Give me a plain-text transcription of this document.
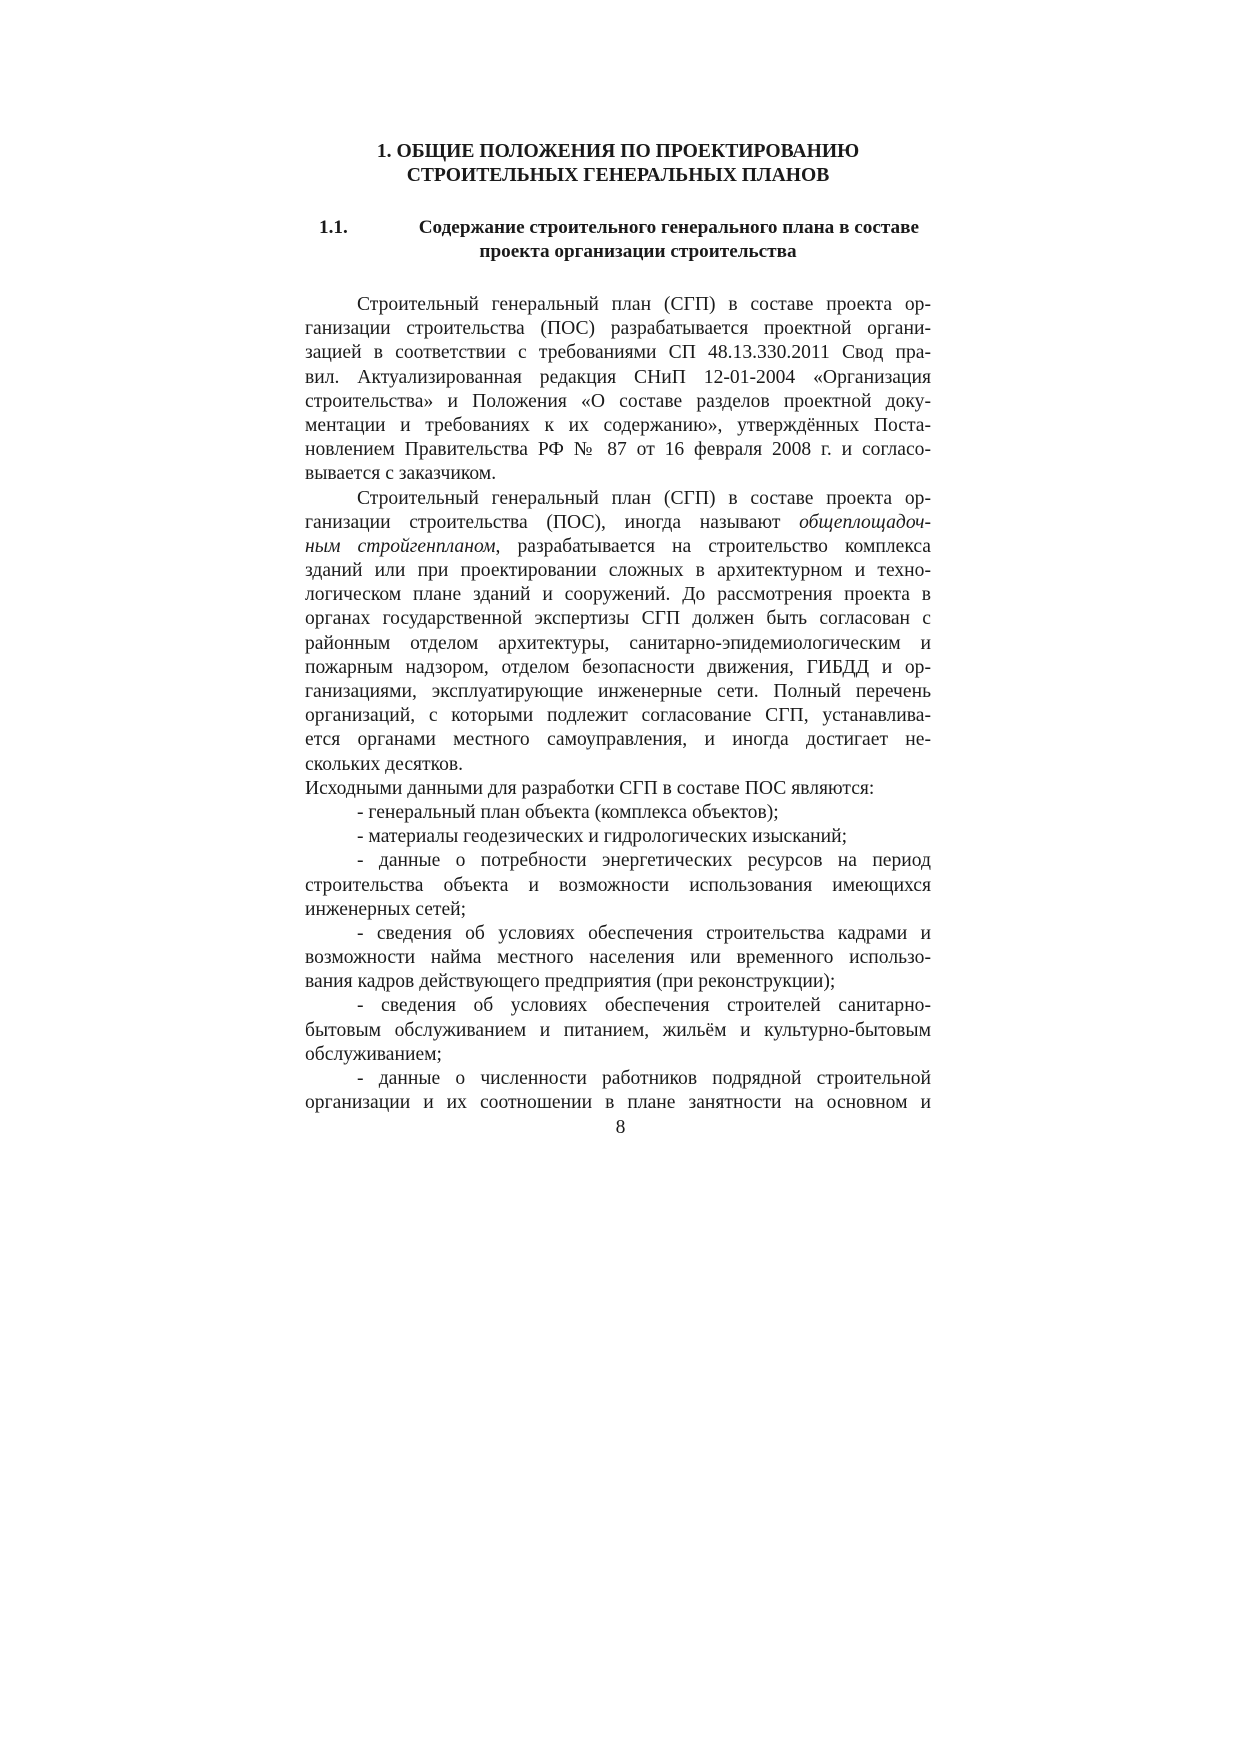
1. ОБЩИЕ ПОЛОЖЕНИЯ ПО ПРОЕКТИРОВАНИЮ
СТРОИТЕЛЬНЫХ ГЕНЕРАЛЬНЫХ ПЛАНОВ
1.1.	Содержание строительного генерального плана в составе
проекта организации строительства
Строительный генеральный план (СГП) в составе проекта ор-
ганизации строительства (ПОС) разрабатывается проектной органи-
зацией в соответствии с требованиями СП 48.13.330.2011 Свод пра-
вил. Актуализированная редакция СНиП 12-01-2004 «Организация
строительства» и Положения «О составе разделов проектной доку-
ментации и требованиях к их содержанию», утверждённых Поста-
новлением Правительства РФ № 87 от 16 февраля 2008 г. и согласо-
вывается с заказчиком.
Строительный генеральный план (СГП) в составе проекта ор-
ганизации строительства (ПОС), иногда называют общеплощадоч-
ным стройгенпланом, разрабатывается на строительство комплекса
зданий или при проектировании сложных в архитектурном и техно-
логическом плане зданий и сооружений. До рассмотрения проекта в
органах государственной экспертизы СГП должен быть согласован с
районным отделом архитектуры, санитарно-эпидемиологическим и
пожарным надзором, отделом безопасности движения, ГИБДД и ор-
ганизациями, эксплуатирующие инженерные сети. Полный перечень
организаций, с которыми подлежит согласование СГП, устанавлива-
ется органами местного самоуправления, и иногда достигает не-
скольких десятков.
Исходными данными для разработки СГП в составе ПОС являются:
- генеральный план объекта (комплекса объектов);
- материалы геодезических и гидрологических изысканий;
- данные о потребности энергетических ресурсов на период
строительства объекта и возможности использования имеющихся
инженерных сетей;
- сведения об условиях обеспечения строительства кадрами и
возможности найма местного населения или временного использо-
вания кадров действующего предприятия (при реконструкции);
- сведения об условиях обеспечения строителей санитарно-
бытовым обслуживанием и питанием, жильём и культурно-бытовым
обслуживанием;
- данные о численности работников подрядной строительной
организации и их соотношении в плане занятности на основном и
8
